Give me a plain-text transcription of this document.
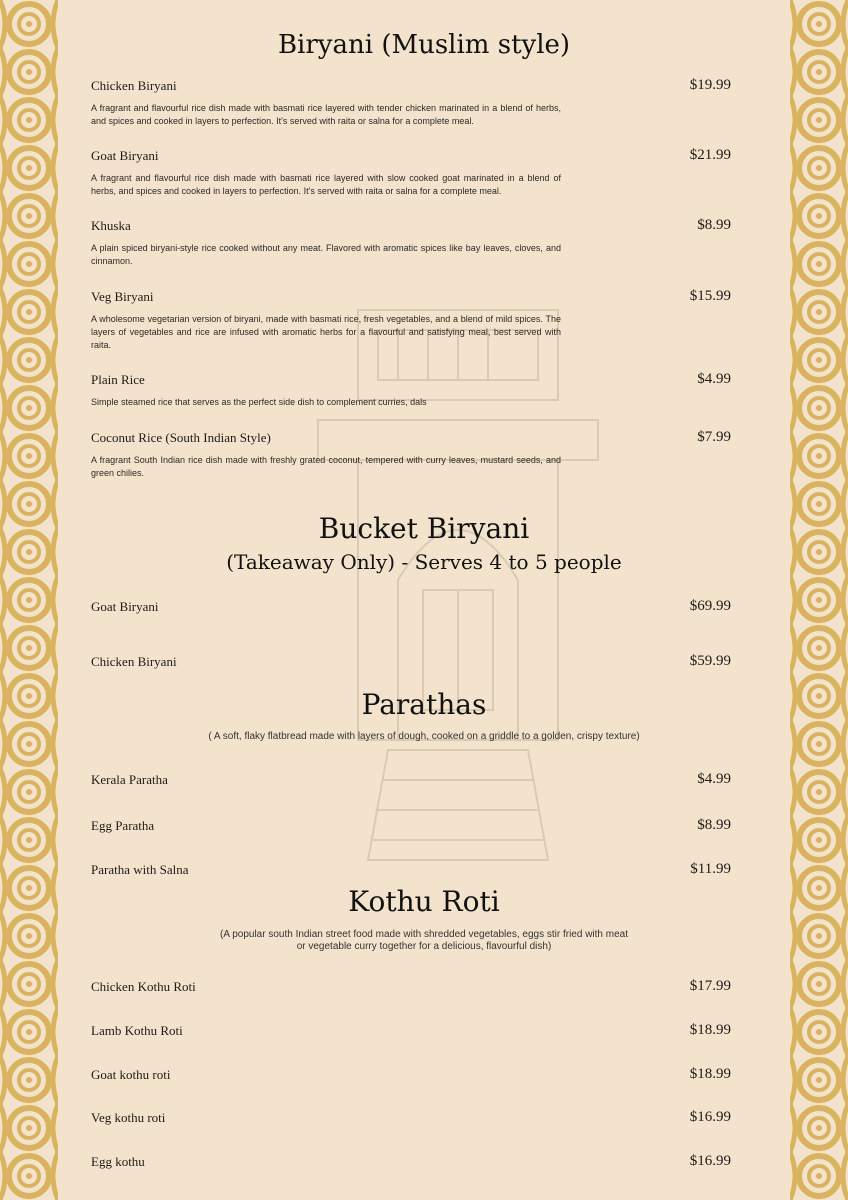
Biryani (Muslim style)
Chicken Biryani	$19.99
A fragrant and flavourful rice dish made with basmati rice layered with tender chicken marinated in a blend of herbs, and spices and cooked in layers to perfection. It's served with raita or salna for a complete meal.
Goat Biryani	$21.99
A fragrant and flavourful rice dish made with basmati rice layered with slow cooked goat marinated in a blend of herbs, and spices and cooked in layers to perfection. It's served with raita or salna for a complete meal.
Khuska	$8.99
A plain spiced biryani-style rice cooked without any meat. Flavored with aromatic spices like bay leaves, cloves, and cinnamon.
Veg Biryani	$15.99
A wholesome vegetarian version of biryani, made with basmati rice, fresh vegetables, and a blend of mild spices. The layers of vegetables and rice are infused with aromatic herbs for a flavourful and satisfying meal, best served with raita.
Plain Rice	$4.99
Simple steamed rice that serves as the perfect side dish to complement curries, dals
Coconut Rice (South Indian Style)	$7.99
A fragrant South Indian rice dish made with freshly grated coconut, tempered with curry leaves, mustard seeds, and green chilies.
Bucket Biryani
(Takeaway Only) - Serves 4 to 5 people
Goat Biryani	$69.99
Chicken Biryani	$59.99
Parathas
( A soft, flaky flatbread made with layers of dough, cooked on a griddle to a golden, crispy texture)
Kerala Paratha	$4.99
Egg Paratha	$8.99
Paratha with Salna	$11.99
Kothu Roti
(A popular south Indian street food made with shredded vegetables, eggs stir fried with meat
or vegetable curry together for a delicious, flavourful dish)
Chicken Kothu Roti	$17.99
Lamb Kothu Roti	$18.99
Goat kothu roti	$18.99
Veg kothu roti	$16.99
Egg kothu	$16.99
